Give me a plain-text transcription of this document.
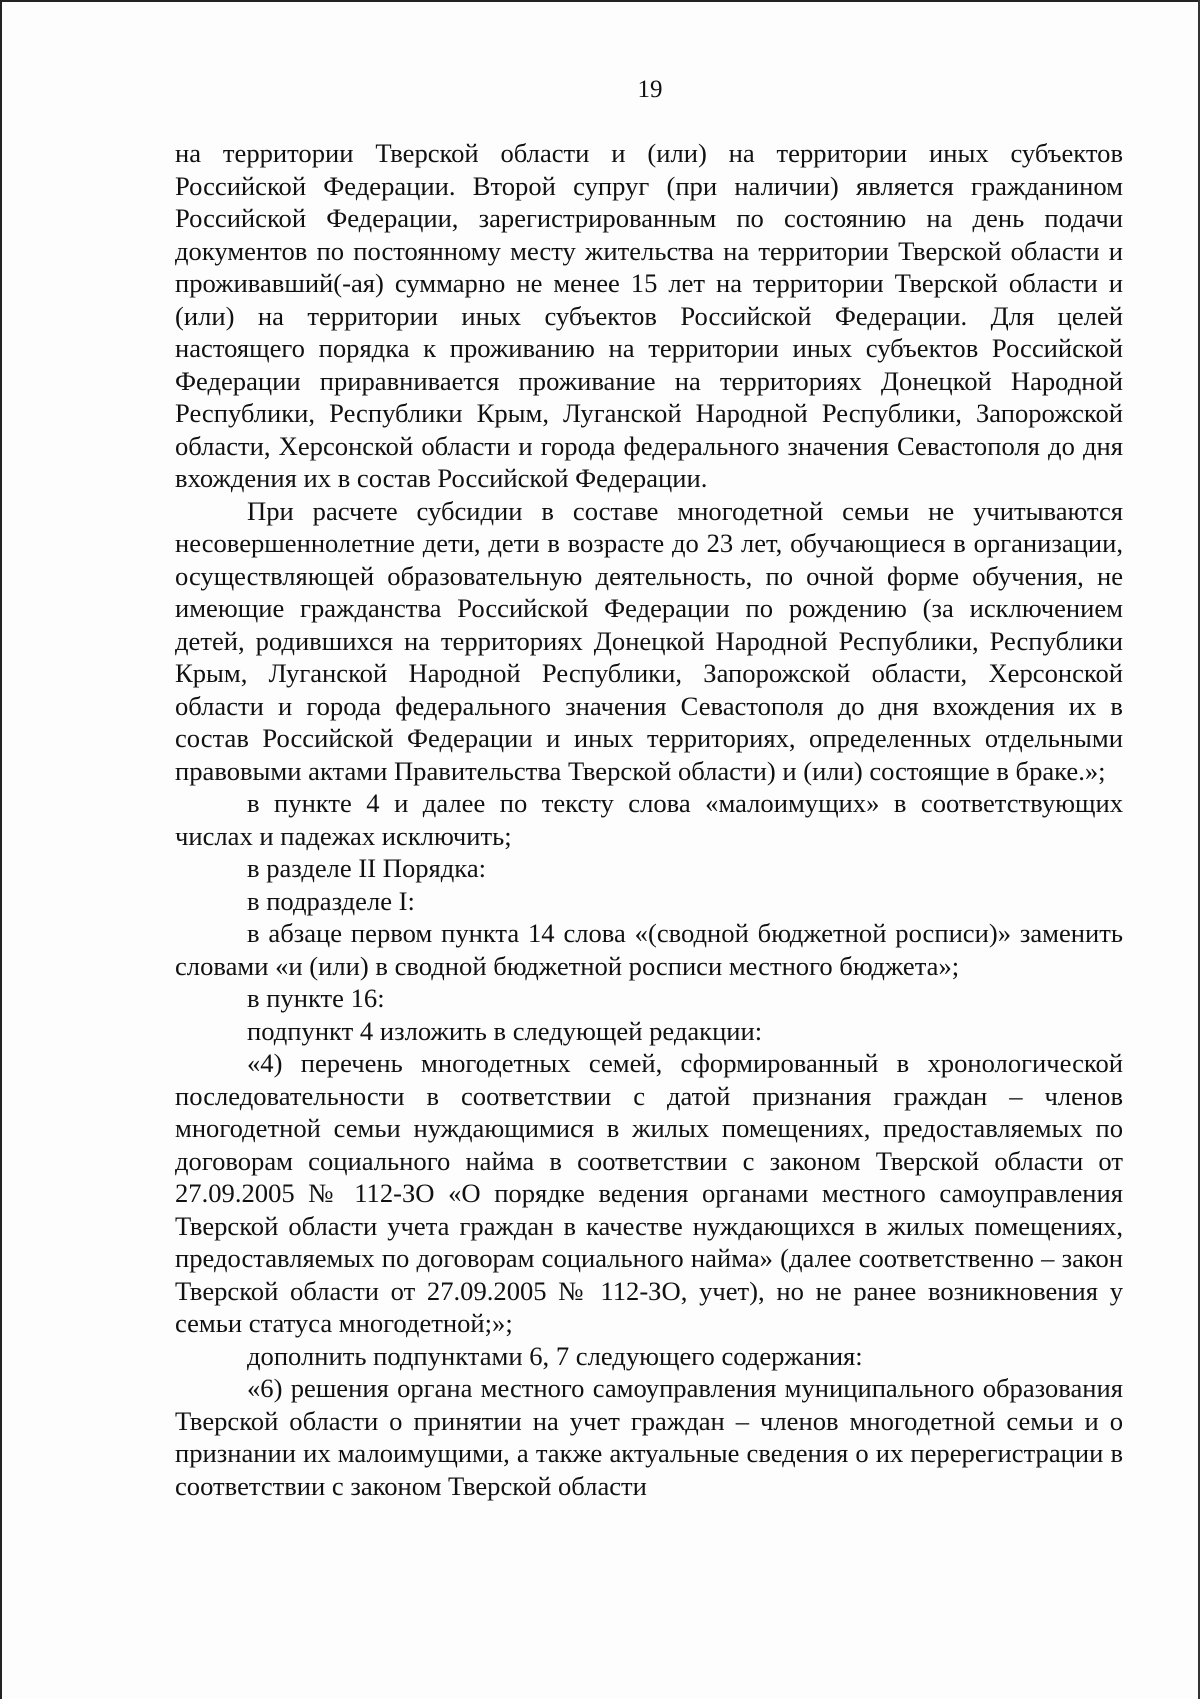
19

на территории Тверской области и (или) на территории иных субъектов Российской Федерации. Второй супруг (при наличии) является гражданином Российской Федерации, зарегистрированным по состоянию на день подачи документов по постоянному месту жительства на территории Тверской области и проживавший(-ая) суммарно не менее 15 лет на территории Тверской области и (или) на территории иных субъектов Российской Федерации. Для целей настоящего порядка к проживанию на территории иных субъектов Российской Федерации приравнивается проживание на территориях Донецкой Народной Республики, Республики Крым, Луганской Народной Республики, Запорожской области, Херсонской области и города федерального значения Севастополя до дня вхождения их в состав Российской Федерации.

При расчете субсидии в составе многодетной семьи не учитываются несовершеннолетние дети, дети в возрасте до 23 лет, обучающиеся в организации, осуществляющей образовательную деятельность, по очной форме обучения, не имеющие гражданства Российской Федерации по рождению (за исключением детей, родившихся на территориях Донецкой Народной Республики, Республики Крым, Луганской Народной Республики, Запорожской области, Херсонской области и города федерального значения Севастополя до дня вхождения их в состав Российской Федерации и иных территориях, определенных отдельными правовыми актами Правительства Тверской области) и (или) состоящие в браке.»;

в пункте 4 и далее по тексту слова «малоимущих» в соответствующих числах и падежах исключить;

в разделе II Порядка:

в подразделе I:

в абзаце первом пункта 14 слова «(сводной бюджетной росписи)» заменить словами «и (или) в сводной бюджетной росписи местного бюджета»;

в пункте 16:

подпункт 4 изложить в следующей редакции:

«4) перечень многодетных семей, сформированный в хронологической последовательности в соответствии с датой признания граждан – членов многодетной семьи нуждающимися в жилых помещениях, предоставляемых по договорам социального найма в соответствии с законом Тверской области от 27.09.2005 № 112-ЗО «О порядке ведения органами местного самоуправления Тверской области учета граждан в качестве нуждающихся в жилых помещениях, предоставляемых по договорам социального найма» (далее соответственно – закон Тверской области от 27.09.2005 № 112-ЗО, учет), но не ранее возникновения у семьи статуса многодетной;»;

дополнить подпунктами 6, 7 следующего содержания:

«6) решения органа местного самоуправления муниципального образования Тверской области о принятии на учет граждан – членов многодетной семьи и о признании их малоимущими, а также актуальные сведения о их перерегистрации в соответствии с законом Тверской области
